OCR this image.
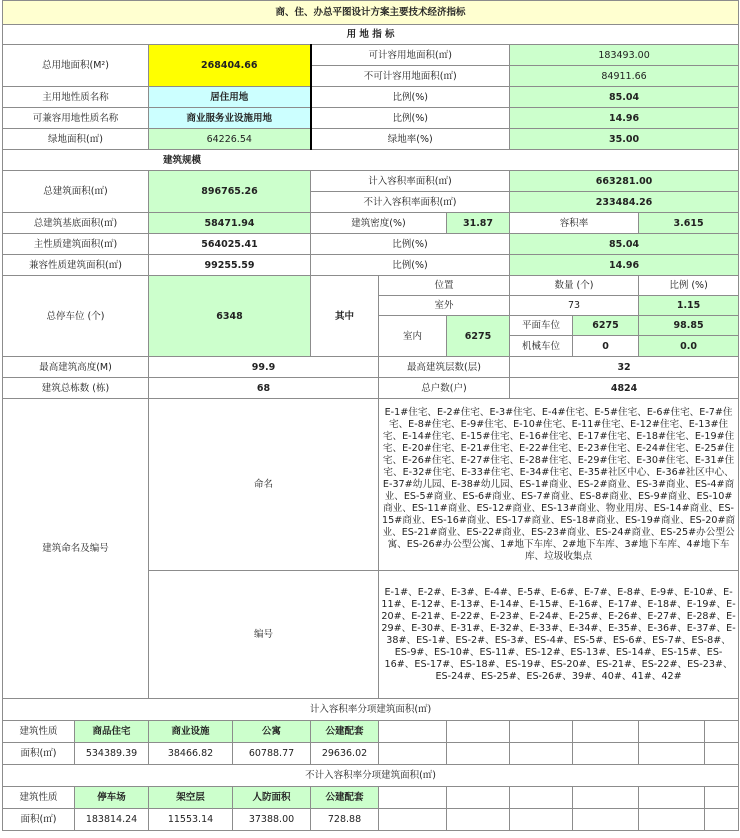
商、住、办总平图设计方案主要技术经济指标										
用 地 指 标										
总用地面积(M²)		268404.66		可计容用地面积(㎡)			183493.00			
				不可计容用地面积(㎡)			84911.66			
主用地性质名称		居住用地		比例(%)			85.04			
可兼容用地性质名称		商业服务业设施用地		比例(%)			14.96			
绿地面积(㎡)		64226.54		绿地率(%)			35.00			
建筑规模										
总建筑面积(㎡)		896765.26		计入容积率面积(㎡)			663281.00			
				不计入容积率面积(㎡)			233484.26			
总建筑基底面积(㎡)		58471.94		建筑密度(%)		31.87	容积率		3.615	
主性质建筑面积(㎡)		564025.41		比例(%)			85.04			
兼容性质建筑面积(㎡)		99255.59		比例(%)			14.96			
总停车位 (个)		6348		其中	位置		数量 (个)		比例 (%)	
					室外		73		1.15	
					室内	6275	平面车位	6275	98.85	
							机械车位	0	0.0	
最高建筑高度(M)		99.9			最高建筑层数(层)		32			
建筑总栋数 (栋)		68			总户数(户)		4824			
建筑命名及编号		命名			E-1#住宅、E-2#住宅、E-3#住宅、E-4#住宅、E-5#住宅、E-6#住宅、E-7#住宅、E-8#住宅、E-9#住宅、E-10#住宅、E-11#住宅、E-12#住宅、E-13#住宅、E-14#住宅、E-15#住宅、E-16#住宅、E-17#住宅、E-18#住宅、E-19#住宅、E-20#住宅、E-21#住宅、E-22#住宅、E-23#住宅、E-24#住宅、E-25#住宅、E-26#住宅、E-27#住宅、E-28#住宅、E-29#住宅、E-30#住宅、E-31#住宅、E-32#住宅、E-33#住宅、E-34#住宅、E-35#社区中心、E-36#社区中心、E-37#幼儿园、E-38#幼儿园、ES-1#商业、ES-2#商业、ES-3#商业、ES-4#商业、ES-5#商业、ES-6#商业、ES-7#商业、ES-8#商业、ES-9#商业、ES-10#商业、ES-11#商业、ES-12#商业、ES-13#商业、物业用房、ES-14#商业、ES-15#商业、ES-16#商业、ES-17#商业、ES-18#商业、ES-19#商业、ES-20#商业、ES-21#商业、ES-22#商业、ES-23#商业、ES-24#商业、ES-25#办公型公寓、ES-26#办公型公寓、1#地下车库、2#地下车库、3#地下车库、4#地下车库、垃圾收集点					
		编号			E-1#、E-2#、E-3#、E-4#、E-5#、E-6#、E-7#、E-8#、E-9#、E-10#、E-11#、E-12#、E-13#、E-14#、E-15#、E-16#、E-17#、E-18#、E-19#、E-20#、E-21#、E-22#、E-23#、E-24#、E-25#、E-26#、E-27#、E-28#、E-29#、E-30#、E-31#、E-32#、E-33#、E-34#、E-35#、E-36#、E-37#、E-38#、ES-1#、ES-2#、ES-3#、ES-4#、ES-5#、ES-6#、ES-7#、ES-8#、ES-9#、ES-10#、ES-11#、ES-12#、ES-13#、ES-14#、ES-15#、ES-16#、ES-17#、ES-18#、ES-19#、ES-20#、ES-21#、ES-22#、ES-23#、ES-24#、ES-25#、ES-26#、39#、40#、41#、42#					
计入容积率分项建筑面积(㎡)										
建筑性质	商品住宅	商业设施	公寓	公建配套						
面积(㎡)	534389.39	38466.82	60788.77	29636.02						
不计入容积率分项建筑面积(㎡)										
建筑性质	停车场	架空层	人防面积	公建配套						
面积(㎡)	183814.24	11553.14	37388.00	728.88						
